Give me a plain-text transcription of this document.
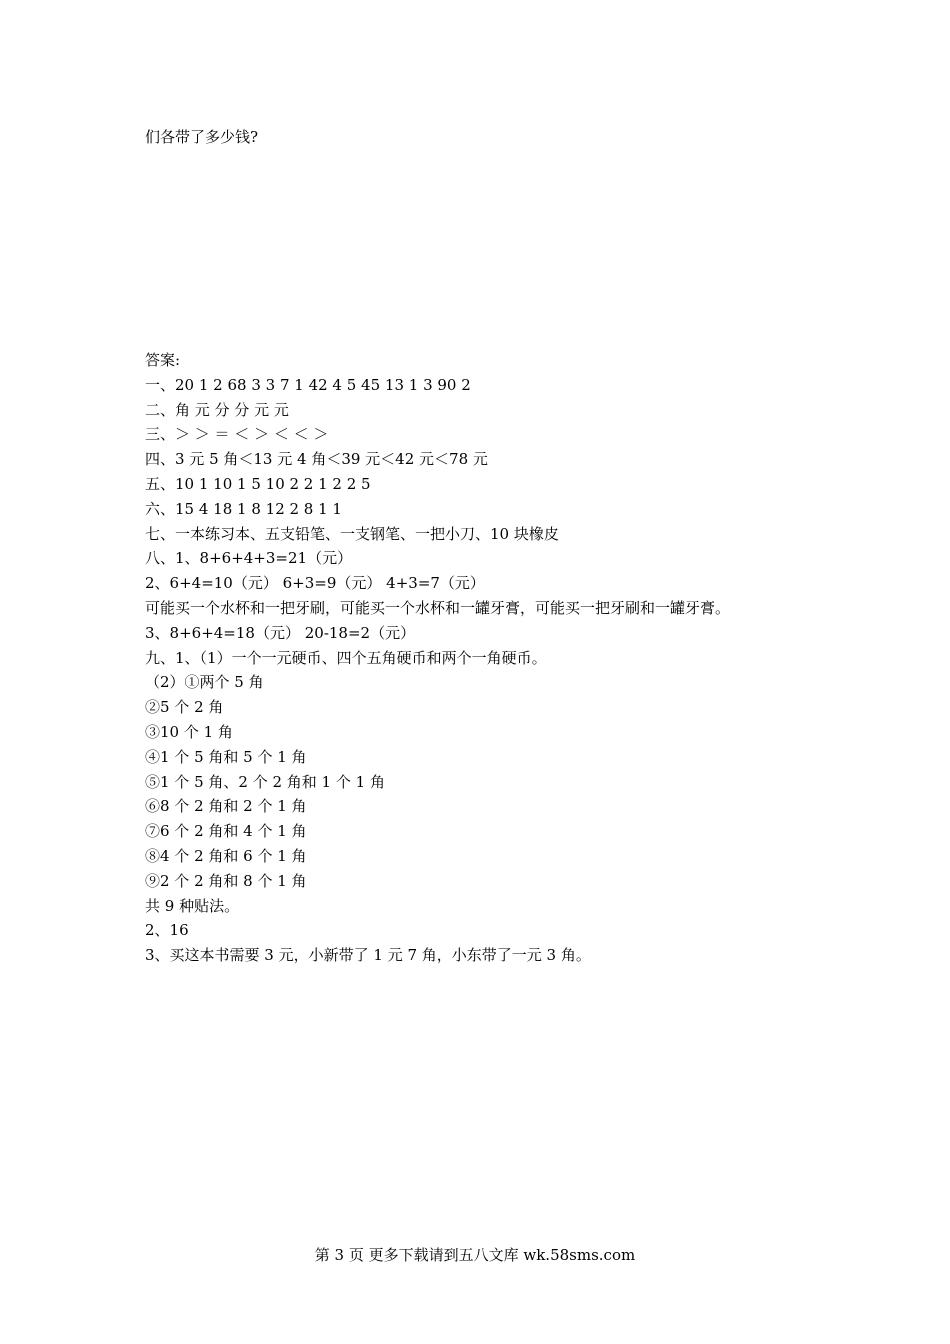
们各带了多少钱?
答案:
一、20 1 2 68 3 3 7 1 42 4 5 45 13 1 3 90 2
二、角 元 分 分 元 元
三、＞ ＞ ＝ ＜ ＞ ＜ ＜ ＞
四、3 元 5 角＜13 元 4 角＜39 元＜42 元＜78 元
五、10 1 10 1 5 10 2 2 1 2 2 5
六、15 4 18 1 8 12 2 8 1 1
七、一本练习本、五支铅笔、一支钢笔、一把小刀、10 块橡皮
八、1、8+6+4+3=21（元）
2、6+4=10（元） 6+3=9（元） 4+3=7（元）
可能买一个水杯和一把牙刷，可能买一个水杯和一罐牙膏，可能买一把牙刷和一罐牙膏。
3、8+6+4=18（元） 20-18=2（元）
九、1、（1）一个一元硬币、四个五角硬币和两个一角硬币。
（2）①两个 5 角
②5 个 2 角
③10 个 1 角
④1 个 5 角和 5 个 1 角
⑤1 个 5 角、2 个 2 角和 1 个 1 角
⑥8 个 2 角和 2 个 1 角
⑦6 个 2 角和 4 个 1 角
⑧4 个 2 角和 6 个 1 角
⑨2 个 2 角和 8 个 1 角
共 9 种贴法。
2、16
3、买这本书需要 3 元，小新带了 1 元 7 角，小东带了一元 3 角。
第 3 页 更多下载请到五八文库 wk.58sms.com
